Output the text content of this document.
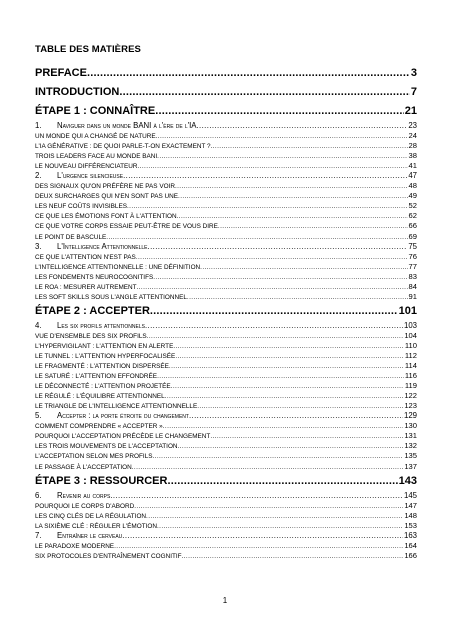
TABLE DES MATIÈRES
PREFACE .....	3
INTRODUCTION .....	7
ÉTAPE 1 : CONNAÎTRE .....	21
1. Naviguer dans un monde BANI à l'ère de l'IA .....	23
UN MONDE QUI A CHANGÉ DE NATURE .....	24
L'IA GÉNÉRATIVE : DE QUOI PARLE-T-ON EXACTEMENT ? .....	28
TROIS LEADERS FACE AU MONDE BANI .....	38
LE NOUVEAU DIFFÉRENCIATEUR .....	41
2. L'urgence silencieuse .....	47
DES SIGNAUX QU'ON PRÉFÈRE NE PAS VOIR .....	48
DEUX SURCHARGES QUI N'EN SONT PAS UNE .....	49
LES NEUF COÛTS INVISIBLES .....	52
CE QUE LES ÉMOTIONS FONT À L'ATTENTION .....	62
CE QUE VOTRE CORPS ESSAIE PEUT-ÊTRE DE VOUS DIRE .....	66
LE POINT DE BASCULE .....	69
3. L'Intelligence Attentionnelle .....	75
CE QUE L'ATTENTION N'EST PAS .....	76
L'INTELLIGENCE ATTENTIONNELLE : UNE DÉFINITION .....	77
LES FONDEMENTS NEUROCOGNITIFS .....	83
LE ROA : MESURER AUTREMENT .....	84
LES SOFT SKILLS SOUS L'ANGLE ATTENTIONNEL .....	91
ÉTAPE 2 : ACCEPTER .....	101
4. Les six profils attentionnels .....	103
VUE D'ENSEMBLE DES SIX PROFILS .....	104
L'HYPERVIGILANT : L'ATTENTION EN ALERTE .....	110
LE TUNNEL : L'ATTENTION HYPERFOCALISÉE .....	112
LE FRAGMENTÉ : L'ATTENTION DISPERSÉE .....	114
LE SATURÉ : L'ATTENTION EFFONDRÉE .....	116
LE DÉCONNECTÉ : L'ATTENTION PROJETÉE .....	119
LE RÉGULÉ : L'ÉQUILIBRE ATTENTIONNEL .....	122
LE TRIANGLE DE L'INTELLIGENCE ATTENTIONNELLE .....	123
5. Accepter : la porte étroite du changement .....	129
COMMENT COMPRENDRE « ACCEPTER » .....	130
POURQUOI L'ACCEPTATION PRÉCÈDE LE CHANGEMENT .....	131
LES TROIS MOUVEMENTS DE L'ACCEPTATION .....	132
L'ACCEPTATION SELON MES PROFILS .....	135
LE PASSAGE À L'ACCEPTATION .....	137
ÉTAPE 3 : RESSOURCER .....	143
6. Revenir au corps .....	145
POURQUOI LE CORPS D'ABORD .....	147
LES CINQ CLÉS DE LA RÉGULATION .....	148
LA SIXIÈME CLÉ : RÉGULER L'ÉMOTION .....	153
7. Entraîner le cerveau .....	163
LE PARADOXE MODERNE .....	164
SIX PROTOCOLES D'ENTRAÎNEMENT COGNITIF .....	166
1
